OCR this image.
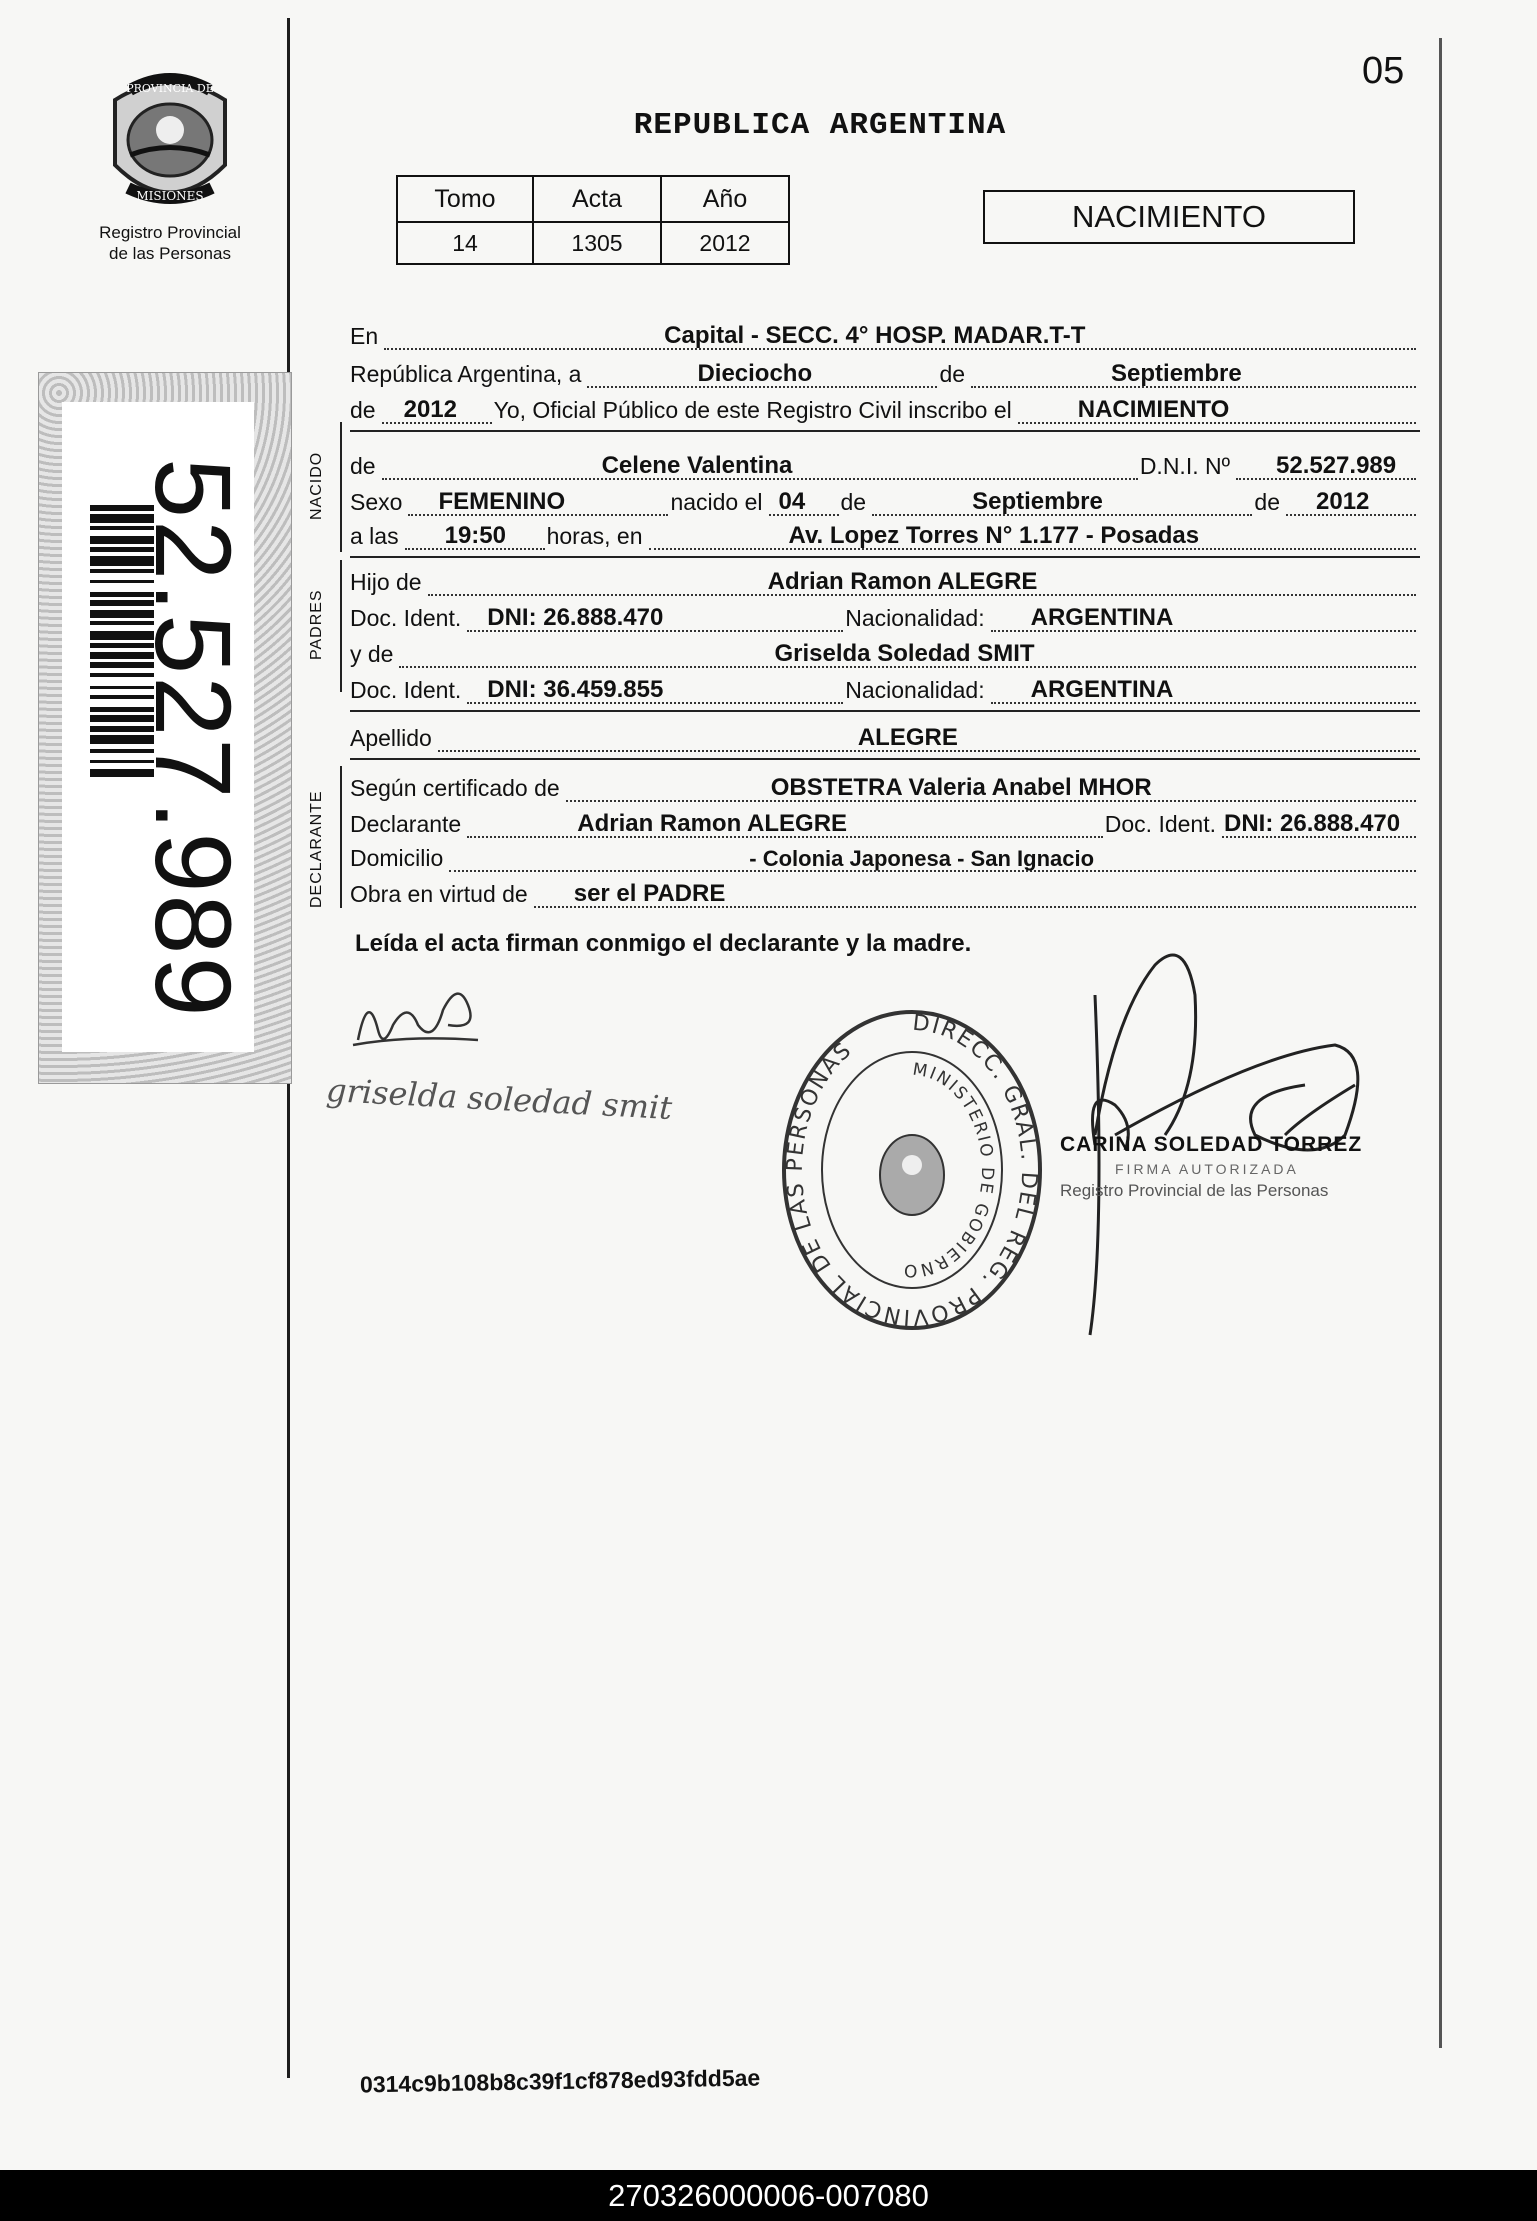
PROVINCIA DE
MISIONES
Registro Provincial
de las Personas
52.527.989
05
REPUBLICA ARGENTINA
Tomo	Acta	Año
14	1305	2012
NACIMIENTO
En	Capital - SECC. 4° HOSP. MADAR.T-T
República Argentina, a	Dieciocho	de	Septiembre
de 2012 Yo, Oficial Público de este Registro Civil inscribo el	NACIMIENTO
de	Celene Valentina	D.N.I. Nº 52.527.989
Sexo FEMENINO	nacido el 04 de	Septiembre	de 2012
a las 19:50 horas, en	Av. Lopez Torres N° 1.177 - Posadas
Hijo de	Adrian Ramon ALEGRE
Doc. Ident. DNI: 26.888.470	Nacionalidad: ARGENTINA
y de	Griselda Soledad SMIT
Doc. Ident. DNI: 36.459.855	Nacionalidad: ARGENTINA
Apellido	ALEGRE
Según certificado de	OBSTETRA Valeria Anabel MHOR
Declarante	Adrian Ramon ALEGRE	Doc. Ident. DNI: 26.888.470
Domicilio	- Colonia Japonesa - San Ignacio
Obra en virtud de ser el PADRE
NACIDO
PADRES
DECLARANTE
Leída el acta firman conmigo el declarante y la madre.
griselda soledad smit
DIRECC. GRAL. DEL REG. PROVINCIAL DE LAS PERSONAS
MINISTERIO DE GOBIERNO
CARINA SOLEDAD TORREZ
FIRMA AUTORIZADA
Registro Provincial de las Personas
0314c9b108b8c39f1cf878ed93fdd5ae
270326000006-007080
